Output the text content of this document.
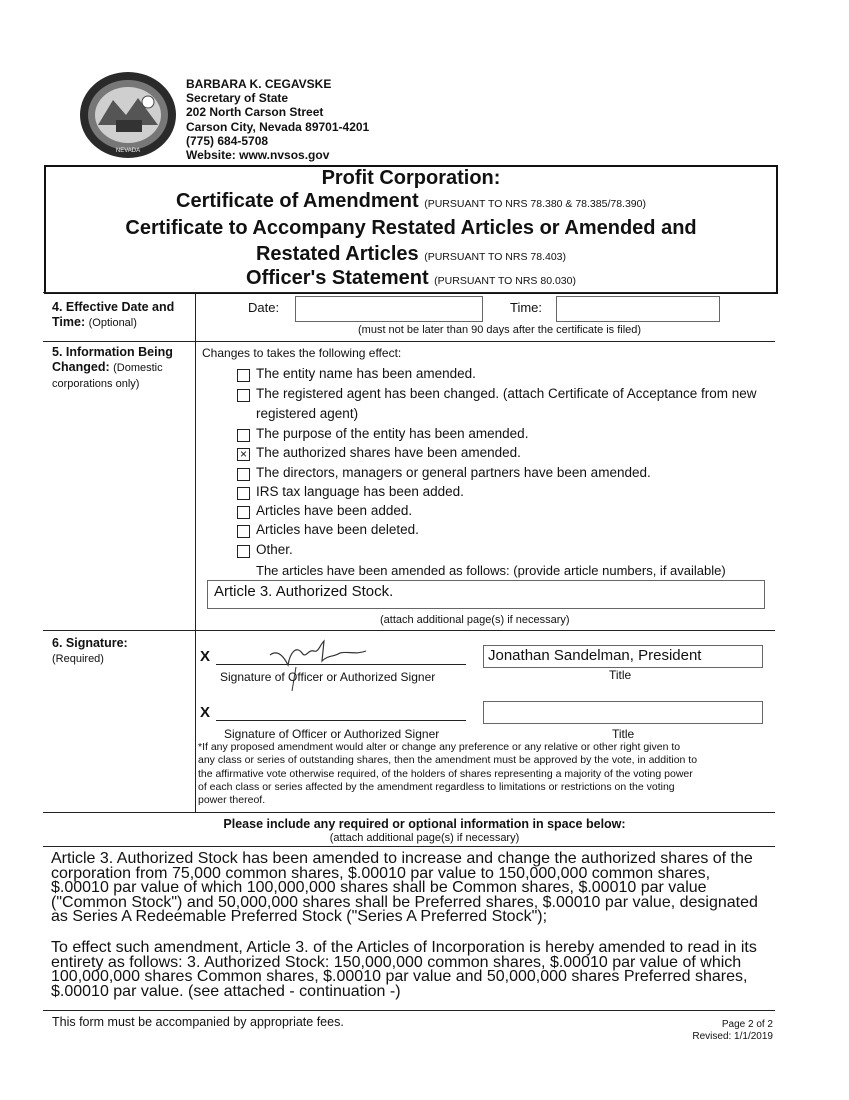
NEVADA
BARBARA K. CEGAVSKE
Secretary of State
202 North Carson Street
Carson City, Nevada 89701-4201
(775) 684-5708
Website: www.nvsos.gov
Profit Corporation:
Certificate of Amendment (PURSUANT TO NRS 78.380 & 78.385/78.390)
Certificate to Accompany Restated Articles or Amended and
Restated Articles (PURSUANT TO NRS 78.403)
Officer's Statement (PURSUANT TO NRS 80.030)
4. Effective Date and
Time: (Optional)
Date:	Time:
(must not be later than 90 days after the certificate is filed)
5. Information Being
Changed: (Domestic
corporations only)
Changes to takes the following effect:
The entity name has been amended.
The registered agent has been changed. (attach Certificate of Acceptance from new
The purpose of the entity has been amended.
× The authorized shares have been amended.
The directors, managers or general partners have been amended.
IRS tax language has been added.
Articles have been added.
Articles have been deleted.
Other.
registered agent)
The articles have been amended as follows: (provide article numbers, if available)
Article 3. Authorized Stock.
(attach additional page(s) if necessary)
6. Signature:
(Required)	X
Signature of Officer or Authorized Signer
Jonathan Sandelman, President
Title
X
Signature of Officer or Authorized Signer	Title
*If any proposed amendment would alter or change any preference or any relative or other right given to
any class or series of outstanding shares, then the amendment must be approved by the vote, in addition to
the affirmative vote otherwise required, of the holders of shares representing a majority of the voting power
of each class or series affected by the amendment regardless to limitations or restrictions on the voting
power thereof.
Please include any required or optional information in space below:
(attach additional page(s) if necessary)
Article 3. Authorized Stock has been amended to increase and change the authorized shares of the
corporation from 75,000 common shares, $.00010 par value to 150,000,000 common shares,
$.00010 par value of which 100,000,000 shares shall be Common shares, $.00010 par value
("Common Stock") and 50,000,000 shares shall be Preferred shares, $.00010 par value, designated
as Series A Redeemable Preferred Stock ("Series A Preferred Stock");
To effect such amendment, Article 3. of the Articles of Incorporation is hereby amended to read in its
entirety as follows: 3. Authorized Stock: 150,000,000 common shares, $.00010 par value of which
100,000,000 shares Common shares, $.00010 par value and 50,000,000 shares Preferred shares,
$.00010 par value. (see attached - continuation -)
This form must be accompanied by appropriate fees.	Page 2 of 2
Revised: 1/1/2019
